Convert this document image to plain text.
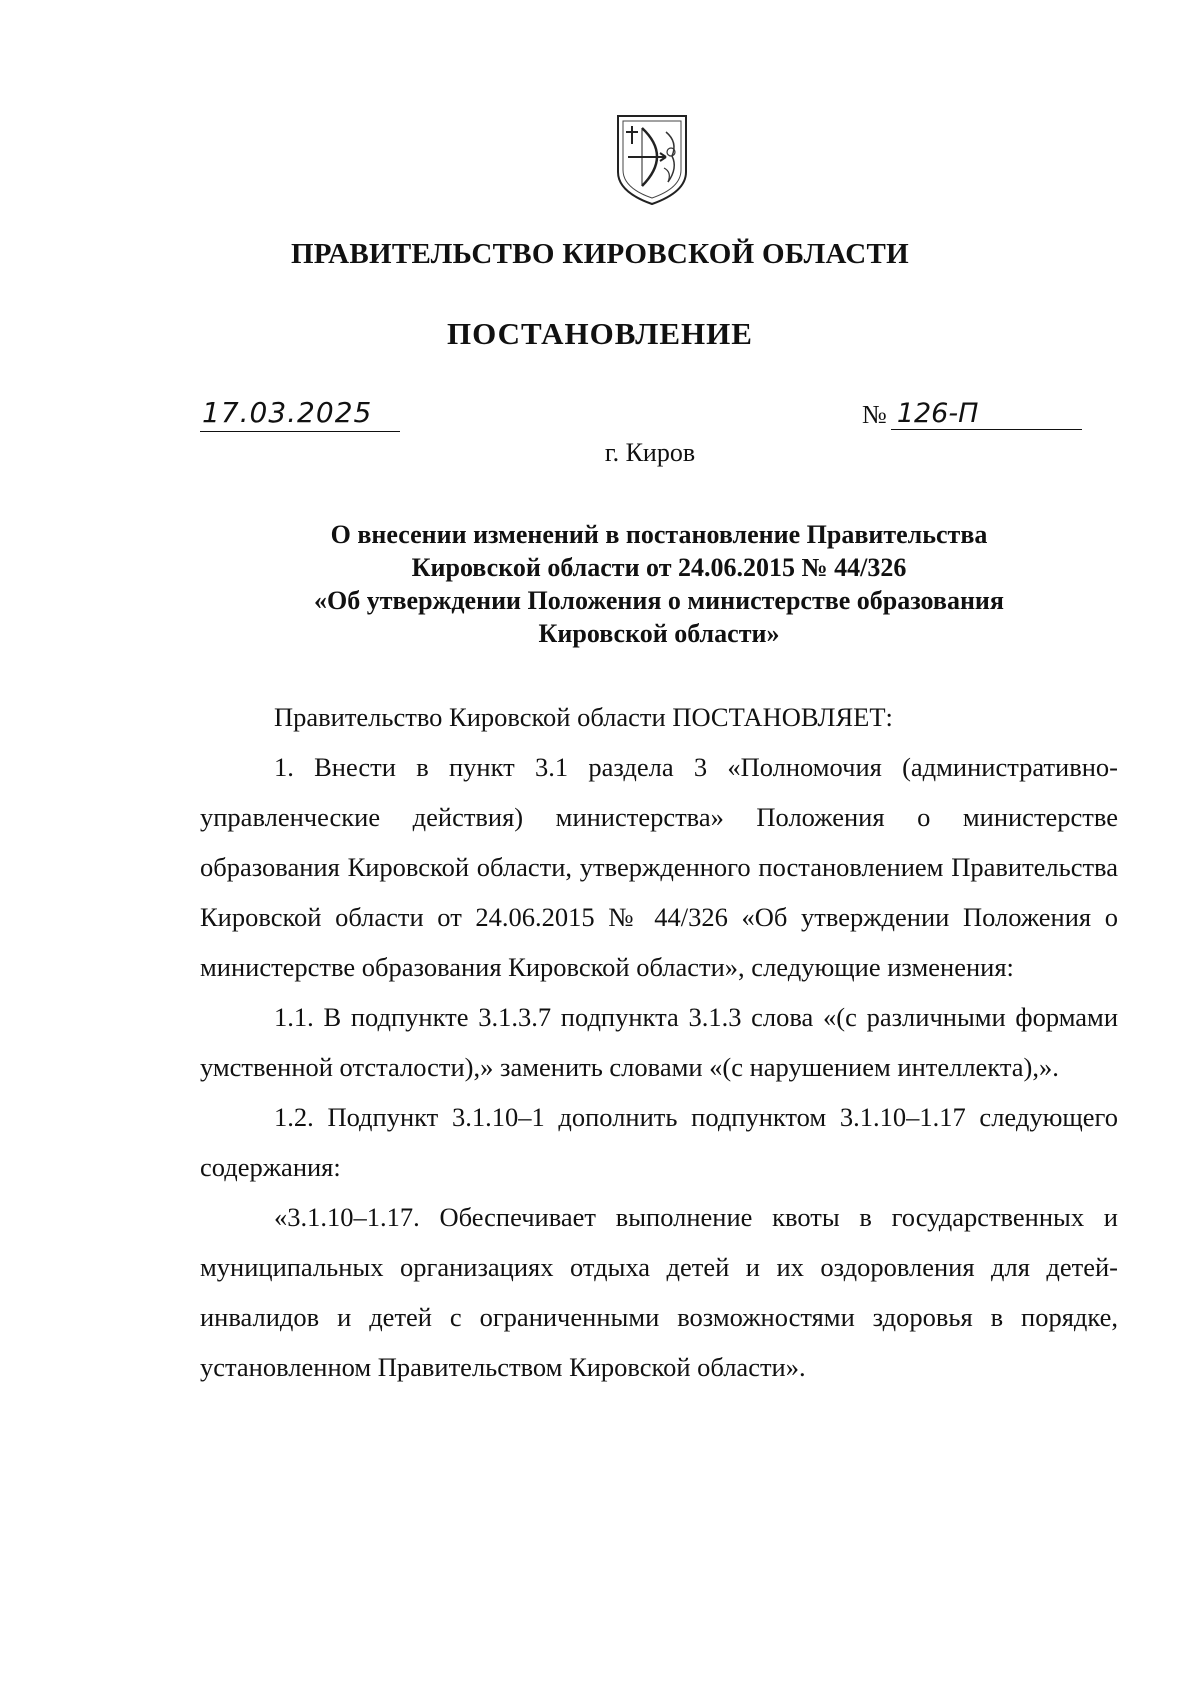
ПРАВИТЕЛЬСТВО КИРОВСКОЙ ОБЛАСТИ
ПОСТАНОВЛЕНИЕ
17.03.2025	№ 126-П
г. Киров
О внесении изменений в постановление Правительства
Кировской области от 24.06.2015 № 44/326
«Об утверждении Положения о министерстве образования
Кировской области»

Правительство Кировской области ПОСТАНОВЛЯЕТ:

1. Внести в пункт 3.1 раздела 3 «Полномочия (административно-управленческие действия) министерства» Положения о министерстве образования Кировской области, утвержденного постановлением Правительства Кировской области от 24.06.2015 № 44/326 «Об утверждении Положения о министерстве образования Кировской области», следующие изменения:

1.1. В подпункте 3.1.3.7 подпункта 3.1.3 слова «(с различными формами умственной отсталости),» заменить словами «(с нарушением интеллекта),».

1.2. Подпункт 3.1.10–1 дополнить подпунктом 3.1.10–1.17 следующего содержания:

«3.1.10–1.17. Обеспечивает выполнение квоты в государственных и муниципальных организациях отдыха детей и их оздоровления для детей-инвалидов и детей с ограниченными возможностями здоровья в порядке, установленном Правительством Кировской области».
